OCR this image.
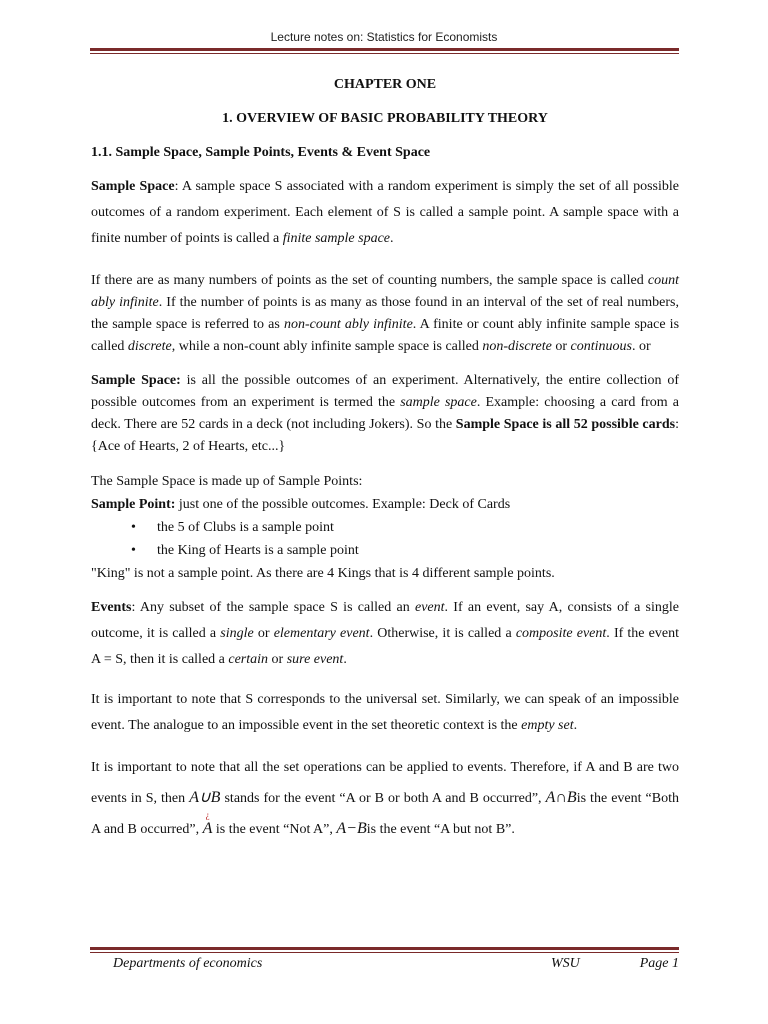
Lecture notes on: Statistics for Economists
CHAPTER ONE
1. OVERVIEW OF BASIC PROBABILITY THEORY
1.1. Sample Space, Sample Points, Events & Event Space

Sample Space: A sample space S associated with a random experiment is simply the set of all possible outcomes of a random experiment. Each element of S is called a sample point. A sample space with a finite number of points is called a finite sample space.

If there are as many numbers of points as the set of counting numbers, the sample space is called count ably infinite. If the number of points is as many as those found in an interval of the set of real numbers, the sample space is referred to as non-count ably infinite. A finite or count ably infinite sample space is called discrete, while a non-count ably infinite sample space is called non-discrete or continuous. or

Sample Space: is all the possible outcomes of an experiment. Alternatively, the entire collection of possible outcomes from an experiment is termed the sample space. Example: choosing a card from a deck. There are 52 cards in a deck (not including Jokers). So the Sample Space is all 52 possible cards: {Ace of Hearts, 2 of Hearts, etc...}

The Sample Space is made up of Sample Points:
Sample Point: just one of the possible outcomes. Example: Deck of Cards
• the 5 of Clubs is a sample point
• the King of Hearts is a sample point
"King" is not a sample point. As there are 4 Kings that is 4 different sample points.

Events: Any subset of the sample space S is called an event. If an event, say A, consists of a single outcome, it is called a single or elementary event. Otherwise, it is called a composite event. If the event A = S, then it is called a certain or sure event.

It is important to note that S corresponds to the universal set. Similarly, we can speak of an impossible event. The analogue to an impossible event in the set theoretic context is the empty set.

It is important to note that all the set operations can be applied to events. Therefore, if A and B are two events in S, then A∪B stands for the event “A or B or both A and B occurred”, A∩Bis the event “Both A and B occurred”,
¿
A is the event “Not A”, A−Bis the event “A but not B”.

Departments of economics	WSU	Page 1
